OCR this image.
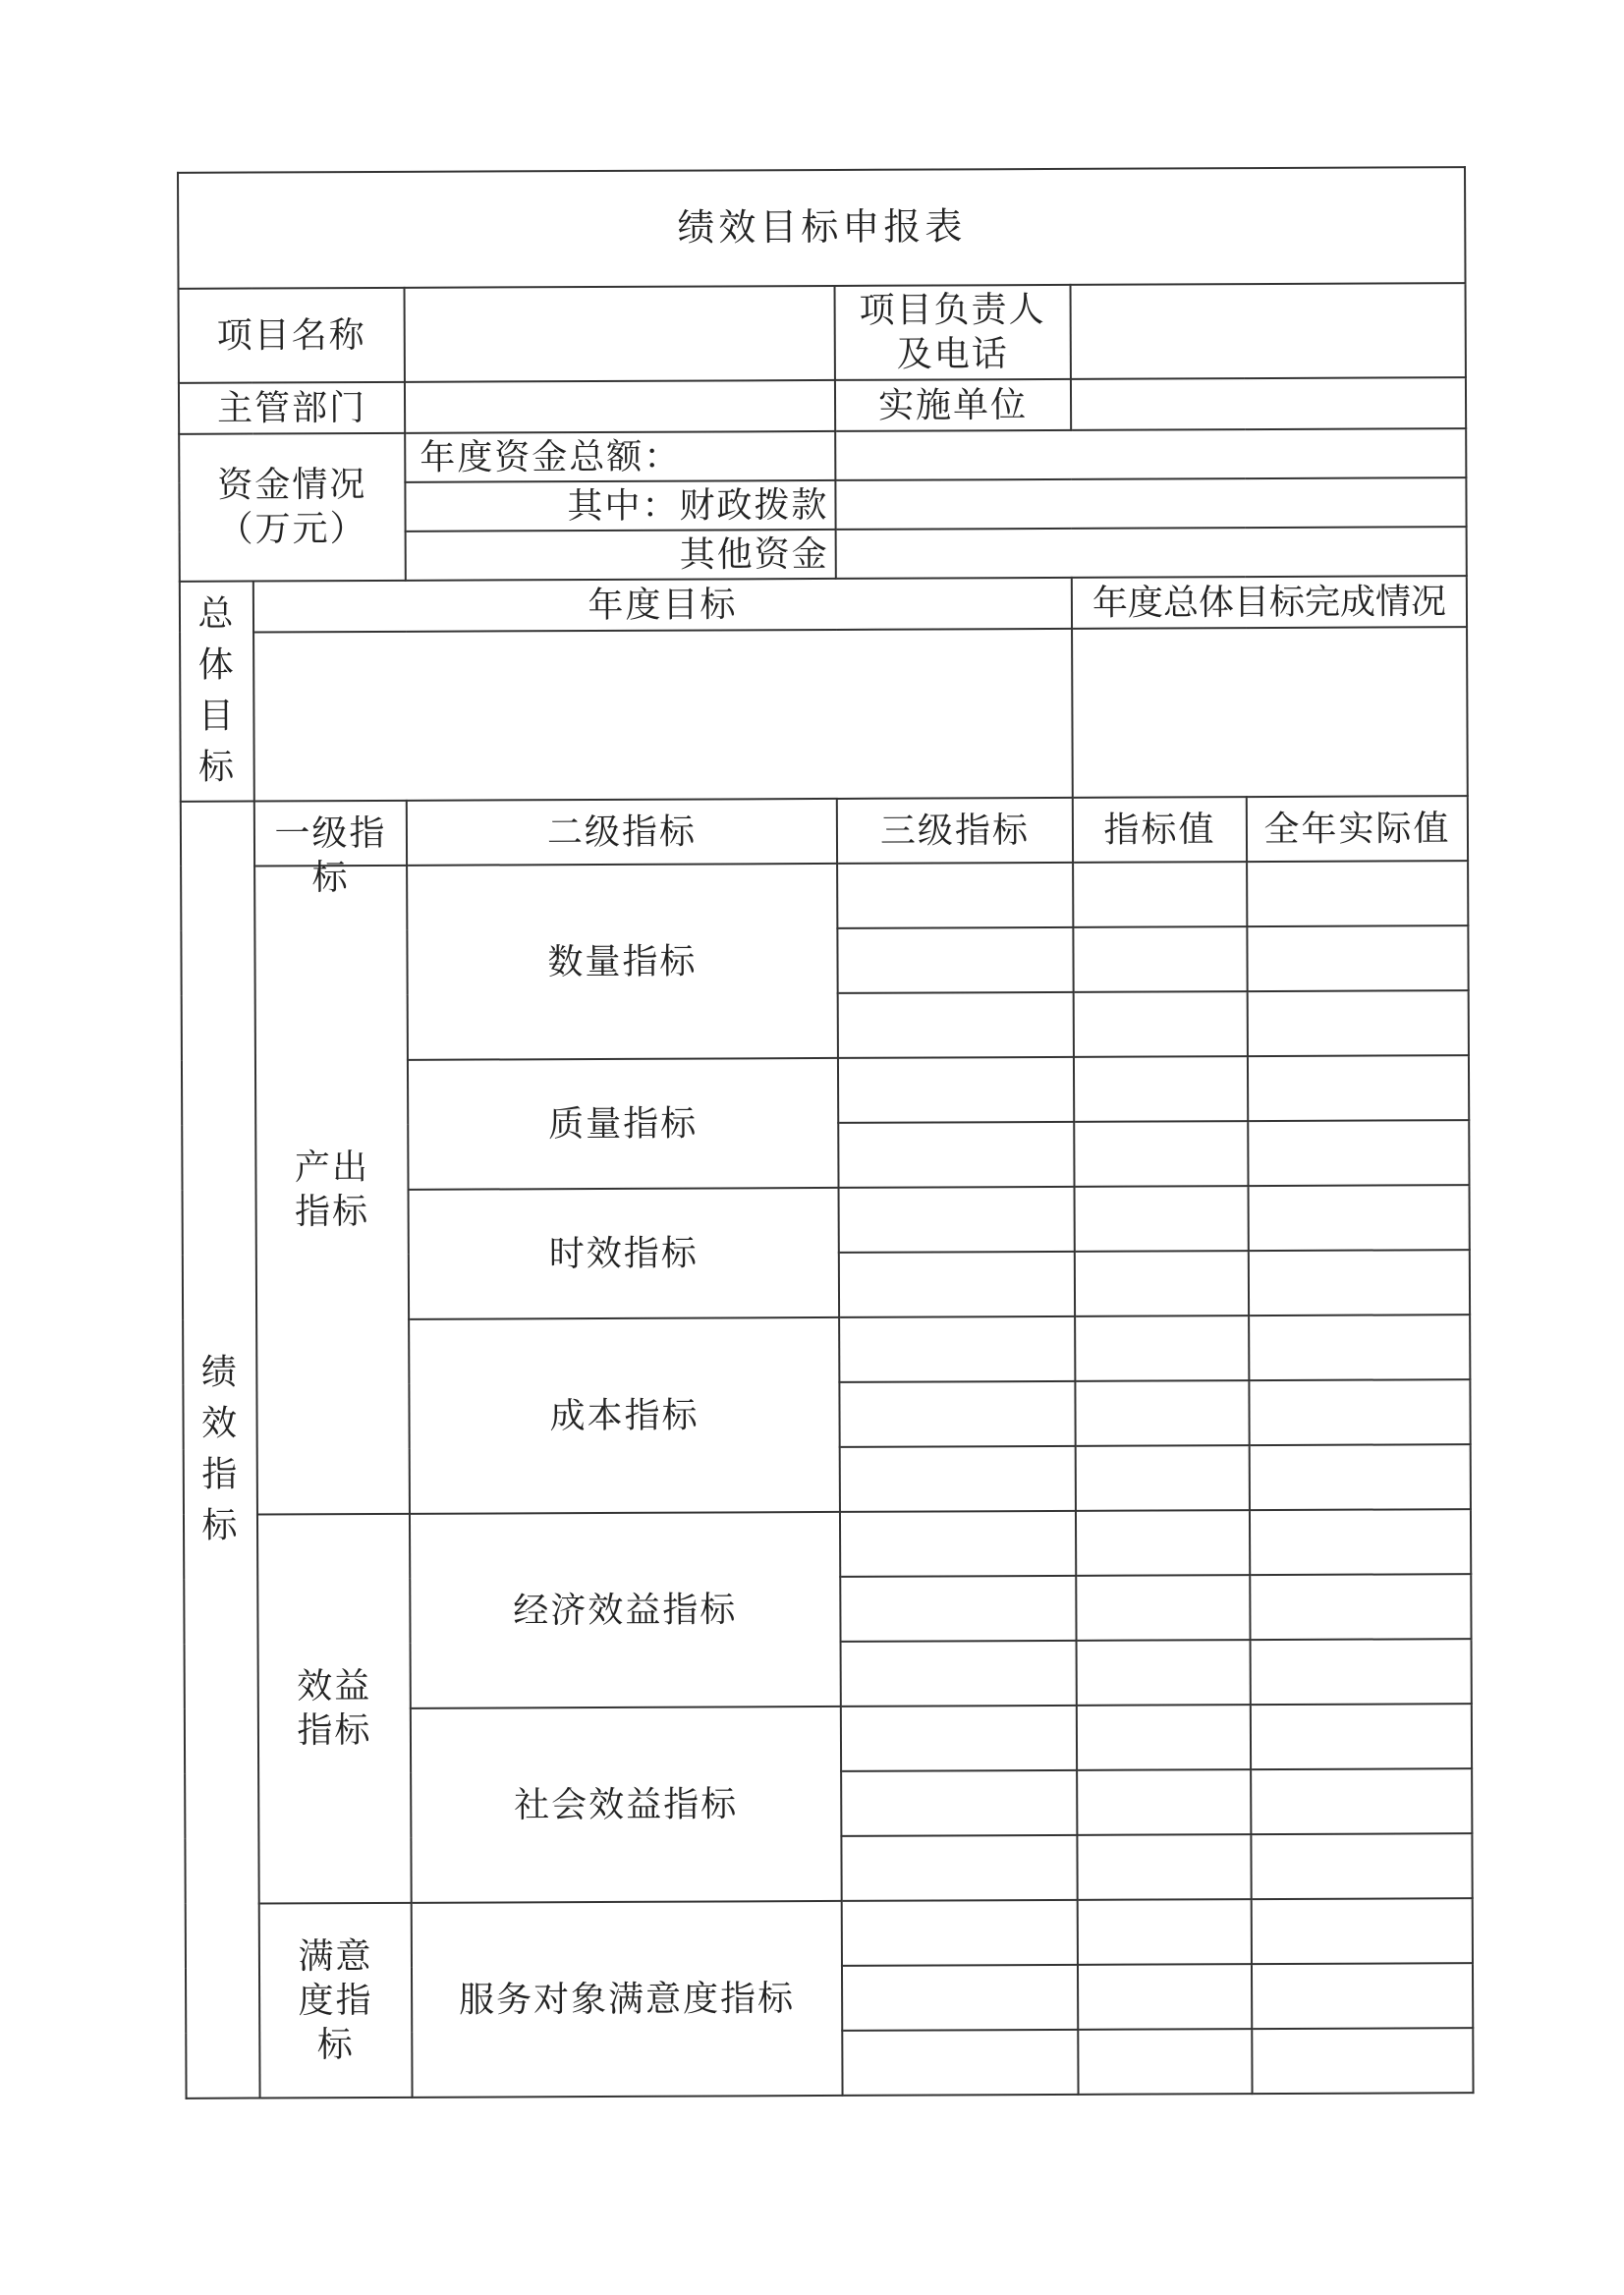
绩效目标申报表					
项目名称			项目负责人及电话		

主管部门			实施单位		

资金情况（万元）		年度资金总额：			
		其中：财政拨款			
		其他资金			

总体目标	年度目标			年度总体目标完成情况	

绩效指标	一级指标	二级指标	三级指标	指标值	全年实际值

	产出指标	数量指标			

		质量指标			

		时效指标			

		成本指标			

	效益指标	经济效益指标			

		社会效益指标			

	满意度指标	服务对象满意度指标			
